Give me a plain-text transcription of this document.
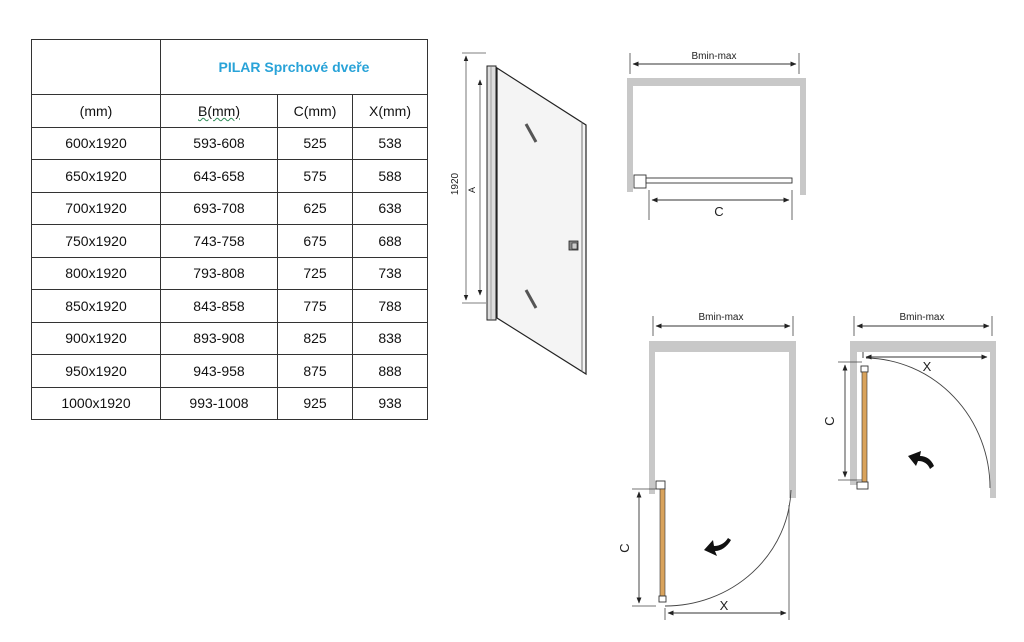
	PILAR Sprchové dveře		
(mm)	B(mm)	C(mm)	X(mm)
600x1920	593-608	525	538
650x1920	643-658	575	588
700x1920	693-708	625	638
750x1920	743-758	675	688
800x1920	793-808	725	738
850x1920	843-858	775	788
900x1920	893-908	825	838
950x1920	943-958	875	888
1000x1920	993-1008	925	938
1920 A
Bmin-max
C
Bmin-max
C
X
Bmin-max
C
X
